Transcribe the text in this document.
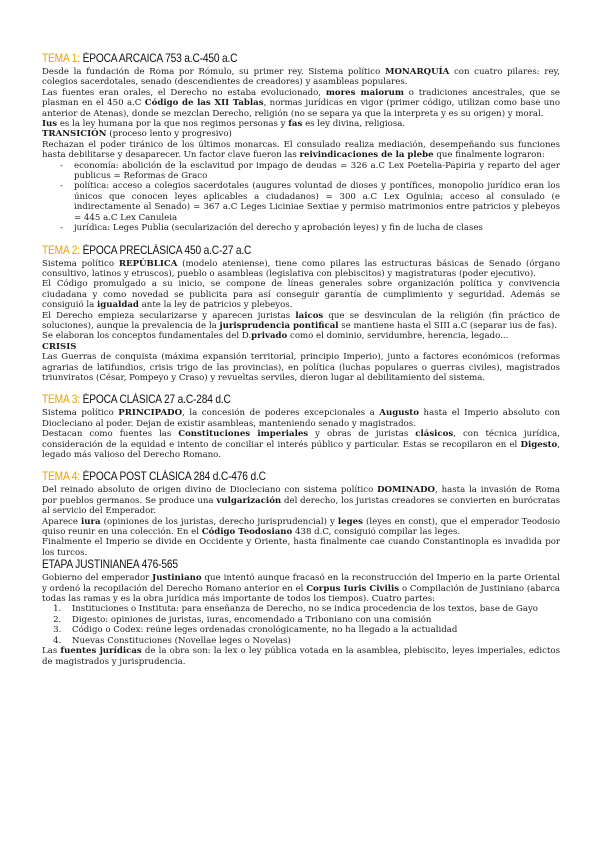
TEMA 1: ÉPOCA ARCAICA 753 a.C-450 a.C

Desde la fundación de Roma por Rómulo, su primer rey. Sistema político MONARQUÍA con cuatro pilares: rey, colegios sacerdotales, senado (descendientes de creadores) y asambleas populares.

Las fuentes eran orales, el Derecho no estaba evolucionado, mores maiorum o tradiciones ancestrales, que se plasman en el 450 a.C Código de las XII Tablas, normas jurídicas en vigor (primer código, utilizan como base uno anterior de Atenas), donde se mezclan Derecho, religión (no se separa ya que la interpreta y es su origen) y moral.

Ius es la ley humana por la que nos regimos personas y fas es ley divina, religiosa.

TRANSICIÓN (proceso lento y progresivo)

Rechazan el poder tiránico de los últimos monarcas. El consulado realiza mediación, desempeñando sus funciones hasta debilitarse y desaparecer. Un factor clave fueron las reivindicaciones de la plebe que finalmente lograron:

- economía: abolición de la esclavitud por impago de deudas = 326 a.C Lex Poetelia-Papiria y reparto del ager publicus = Reformas de Graco
- política: acceso a colegios sacerdotales (augures voluntad de dioses y pontífices, monopolio jurídico eran los únicos que conocen leyes aplicables a ciudadanos) = 300 a.C Lex Ogulnia; acceso al consulado (e indirectamente al Senado) = 367 a.C Leges Liciniae Sextiae y permiso matrimonios entre patricios y plebeyos = 445 a.C Lex Canuleia
- jurídica: Leges Publia (secularización del derecho y aprobación leyes) y fin de lucha de clases
TEMA 2: ÉPOCA PRECLÁSICA 450 a.C-27 a.C

Sistema político REPÚBLICA (modelo ateniense), tiene como pilares las estructuras básicas de Senado (órgano consultivo, latinos y etruscos), pueblo o asambleas (legislativa con plebiscitos) y magistraturas (poder ejecutivo).

El Código promulgado a su inicio, se compone de líneas generales sobre organización política y convivencia ciudadana y como novedad se publicita para así conseguir garantía de cumplimiento y seguridad. Además se consiguió la igualdad ante la ley de patricios y plebeyos.

El Derecho empieza secularizarse y aparecen juristas laicos que se desvinculan de la religión (fin práctico de soluciones), aunque la prevalencia de la jurisprudencia pontifical se mantiene hasta el SIII a.C (separar ius de fas).

Se elaboran los conceptos fundamentales del D.privado como el dominio, servidumbre, herencia, legado...

CRISIS

Las Guerras de conquista (máxima expansión territorial, principio Imperio), junto a factores económicos (reformas agrarias de latifundios, crisis trigo de las provincias), en política (luchas populares o guerras civiles), magistrados triunviratos (César, Pompeyo y Craso) y revueltas serviles, dieron lugar al debilitamiento del sistema.

TEMA 3: ÉPOCA CLÁSICA 27 a.C-284 d.C

Sistema político PRINCIPADO, la concesión de poderes excepcionales a Augusto hasta el Imperio absoluto con Diocleciano al poder. Dejan de existir asambleas, manteniendo senado y magistrados.

Destacan como fuentes las Constituciones imperiales y obras de juristas clásicos, con técnica jurídica, consideración de la equidad e intento de conciliar el interés público y particular. Estas se recopilaron en el Digesto, legado más valioso del Derecho Romano.

TEMA 4: ÉPOCA POST CLÁSICA 284 d.C-476 d.C

Del reinado absoluto de origen divino de Diocleciano con sistema político DOMINADO, hasta la invasión de Roma por pueblos germanos. Se produce una vulgarización del derecho, los juristas creadores se convierten en burócratas al servicio del Emperador.

Aparece iura (opiniones de los juristas, derecho jurisprudencial) y leges (leyes en const), que el emperador Teodosio quiso reunir en una colección. En el Código Teodosiano 438 d.C, consiguió compilar las leges.

Finalmente el Imperio se divide en Occidente y Oriente, hasta finalmente cae cuando Constantinopla es invadida por los turcos.

ETAPA JUSTINIANEA 476-565

Gobierno del emperador Justiniano que intentó aunque fracasó en la reconstrucción del Imperio en la parte Oriental y ordenó la recopilación del Derecho Romano anterior en el Corpus Iuris Civilis o Compilación de Justiniano (abarca todas las ramas y es la obra jurídica más importante de todos los tiempos). Cuatro partes:

1. Instituciones o Instituta: para enseñanza de Derecho, no se indica procedencia de los textos, base de Gayo
2. Digesto: opiniones de juristas, iuras, encomendado a Triboniano con una comisión
3. Código o Codex: reúne leges ordenadas cronológicamente, no ha llegado a la actualidad
4. Nuevas Constituciones (Novellae leges o Novelas)

Las fuentes jurídicas de la obra son: la lex o ley pública votada en la asamblea, plebiscito, leyes imperiales, edictos de magistrados y jurisprudencia.
